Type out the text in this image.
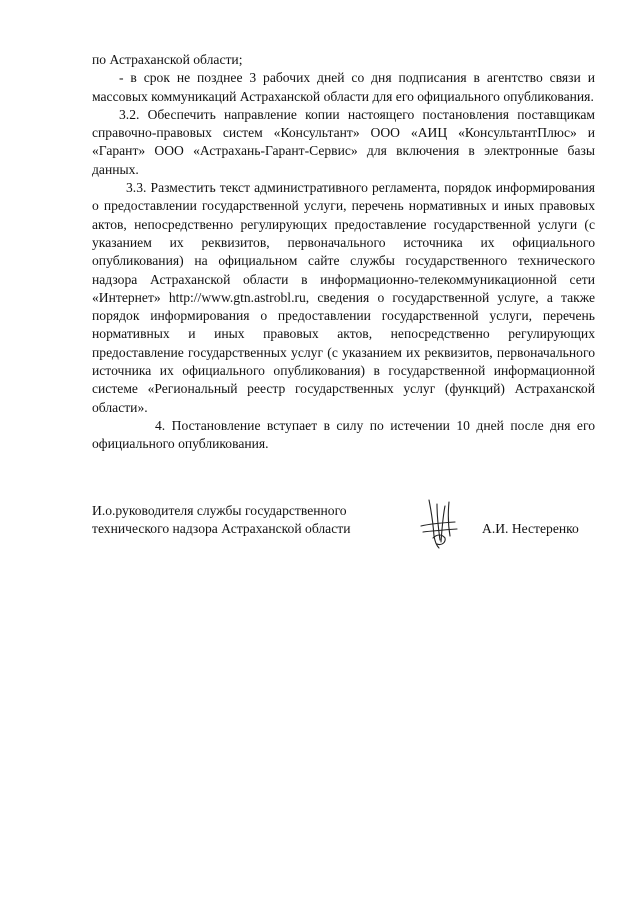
по Астраханской области;

- в срок не позднее 3 рабочих дней со дня подписания в агентство связи и массовых коммуникаций Астраханской области для его официального опубликования.

3.2. Обеспечить направление копии настоящего постановления поставщикам справочно-правовых систем «Консультант» ООО «АИЦ «КонсультантПлюс» и «Гарант» ООО «Астрахань-Гарант-Сервис» для включения в электронные базы данных.

3.3. Разместить текст административного регламента, порядок информирования о предоставлении государственной услуги, перечень нормативных и иных правовых актов, непосредственно регулирующих предоставление государственной услуги (с указанием их реквизитов, первоначального источника их официального опубликования) на официальном сайте службы государственного технического надзора Астраханской области в информационно-телекоммуникационной сети «Интернет» http://www.gtn.astrobl.ru, сведения о государственной услуге, а также порядок информирования о предоставлении государственной услуги, перечень нормативных и иных правовых актов, непосредственно регулирующих предоставление государственных услуг (с указанием их реквизитов, первоначального источника их официального опубликования) в государственной информационной системе «Региональный реестр государственных услуг (функций) Астраханской области».

4. Постановление вступает в силу по истечении 10 дней после дня его официального опубликования.

И.о.руководителя службы государственного
технического надзора Астраханской области	А.И. Нестеренко
